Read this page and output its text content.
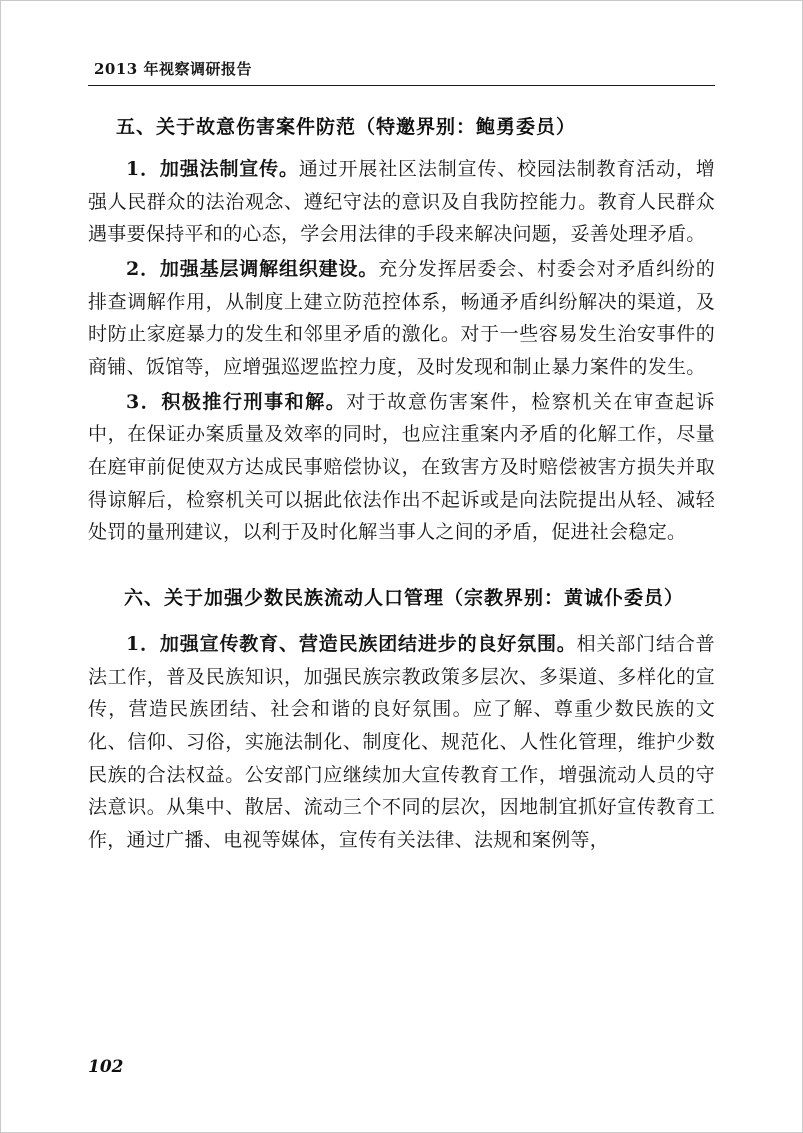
2013 年视察调研报告
五、关于故意伤害案件防范（特邀界别：鲍勇委员）

1．加强法制宣传。通过开展社区法制宣传、校园法制教育活动，增强人民群众的法治观念、遵纪守法的意识及自我防控能力。教育人民群众遇事要保持平和的心态，学会用法律的手段来解决问题，妥善处理矛盾。

2．加强基层调解组织建设。充分发挥居委会、村委会对矛盾纠纷的排查调解作用，从制度上建立防范控体系，畅通矛盾纠纷解决的渠道，及时防止家庭暴力的发生和邻里矛盾的激化。对于一些容易发生治安事件的商铺、饭馆等，应增强巡逻监控力度，及时发现和制止暴力案件的发生。

3．积极推行刑事和解。对于故意伤害案件，检察机关在审查起诉中，在保证办案质量及效率的同时，也应注重案内矛盾的化解工作，尽量在庭审前促使双方达成民事赔偿协议，在致害方及时赔偿被害方损失并取得谅解后，检察机关可以据此依法作出不起诉或是向法院提出从轻、减轻处罚的量刑建议，以利于及时化解当事人之间的矛盾，促进社会稳定。

六、关于加强少数民族流动人口管理（宗教界别：黄诚仆委员）

1．加强宣传教育、营造民族团结进步的良好氛围。相关部门结合普法工作，普及民族知识，加强民族宗教政策多层次、多渠道、多样化的宣传，营造民族团结、社会和谐的良好氛围。应了解、尊重少数民族的文化、信仰、习俗，实施法制化、制度化、规范化、人性化管理，维护少数民族的合法权益。公安部门应继续加大宣传教育工作，增强流动人员的守法意识。从集中、散居、流动三个不同的层次，因地制宜抓好宣传教育工作，通过广播、电视等媒体，宣传有关法律、法规和案例等，

102
